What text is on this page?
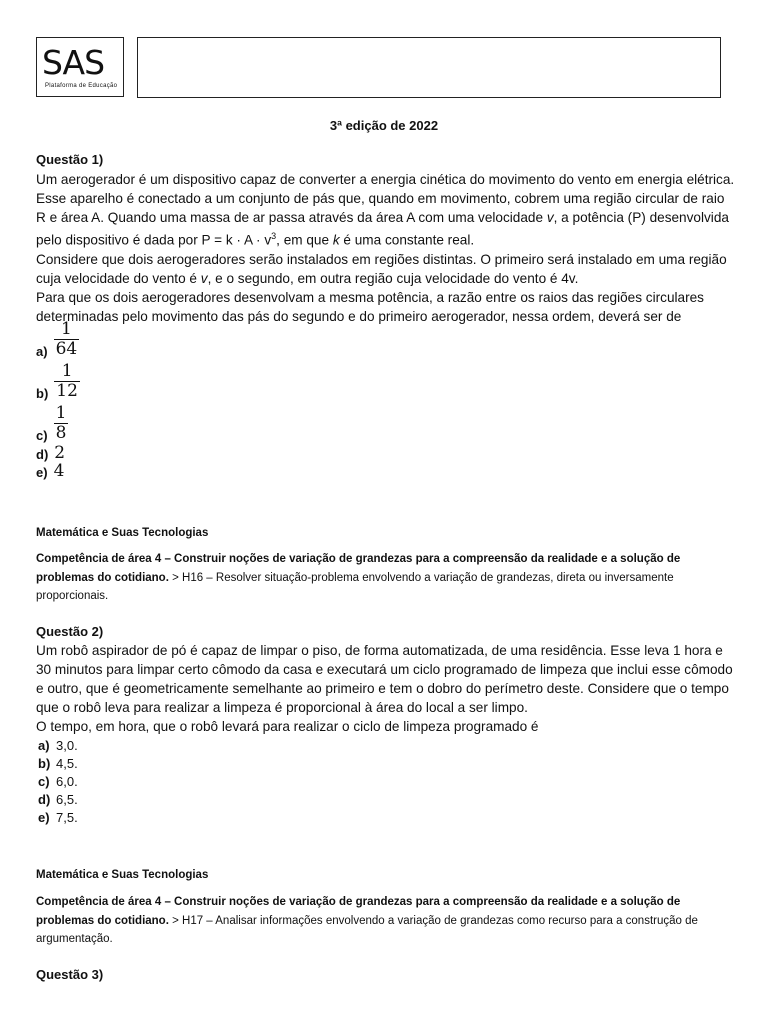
SAS
Plataforma de Educação
3ª edição de 2022
Questão 1)
Um aerogerador é um dispositivo capaz de converter a energia cinética do movimento do vento em energia elétrica. Esse aparelho é conectado a um conjunto de pás que, quando em movimento, cobrem uma região circular de raio R e área A. Quando uma massa de ar passa através da área A com uma velocidade v, a potência (P) desenvolvida pelo dispositivo é dada por $P = k \cdot A \cdot v^3$, em que k é uma constante real.
Considere que dois aerogeradores serão instalados em regiões distintas. O primeiro será instalado em uma região cuja velocidade do vento é v, e o segundo, em outra região cuja velocidade do vento é 4v.
Para que os dois aerogeradores desenvolvam a mesma potência, a razão entre os raios das regiões circulares determinadas pelo movimento das pás do segundo e do primeiro aerogerador, nessa ordem, deverá ser de
$a) \frac{1}{64}$
$b) \frac{1}{12}$
$c) \frac{1}{8}$
d) 2
e) 4
Matemática e Suas Tecnologias
Competência de área 4 – Construir noções de variação de grandezas para a compreensão da realidade e a solução de problemas do cotidiano. > H16 – Resolver situação-problema envolvendo a variação de grandezas, direta ou inversamente proporcionais.
Questão 2)
Um robô aspirador de pó é capaz de limpar o piso, de forma automatizada, de uma residência. Esse leva 1 hora e 30 minutos para limpar certo cômodo da casa e executará um ciclo programado de limpeza que inclui esse cômodo e outro, que é geometricamente semelhante ao primeiro e tem o dobro do perímetro deste. Considere que o tempo que o robô leva para realizar a limpeza é proporcional à área do local a ser limpo.
O tempo, em hora, que o robô levará para realizar o ciclo de limpeza programado é
a) 3,0.
b) 4,5.
c) 6,0.
d) 6,5.
e) 7,5.
Matemática e Suas Tecnologias
Competência de área 4 – Construir noções de variação de grandezas para a compreensão da realidade e a solução de problemas do cotidiano. > H17 – Analisar informações envolvendo a variação de grandezas como recurso para a construção de argumentação.
Questão 3)
